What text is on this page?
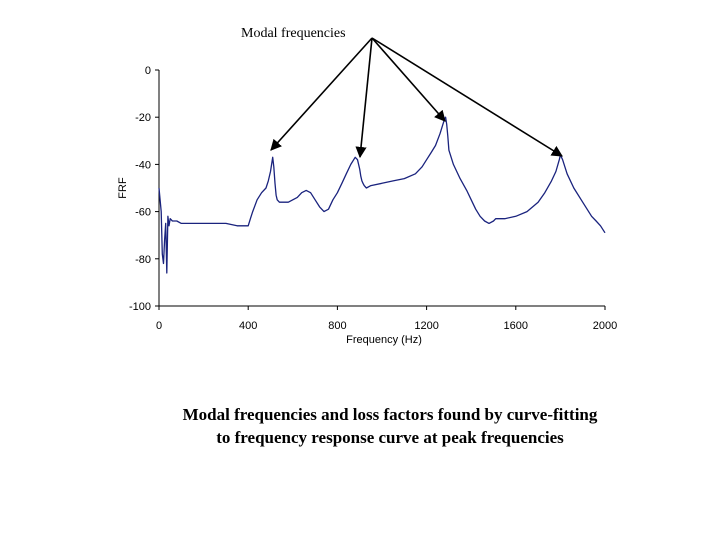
0
-20
-40
-60
-80
-100
0	400	800	1200	1600	2000
FRF
Frequency (Hz)
Modal frequencies
Modal frequencies and loss factors found by curve-fitting
to frequency response curve at peak frequencies
